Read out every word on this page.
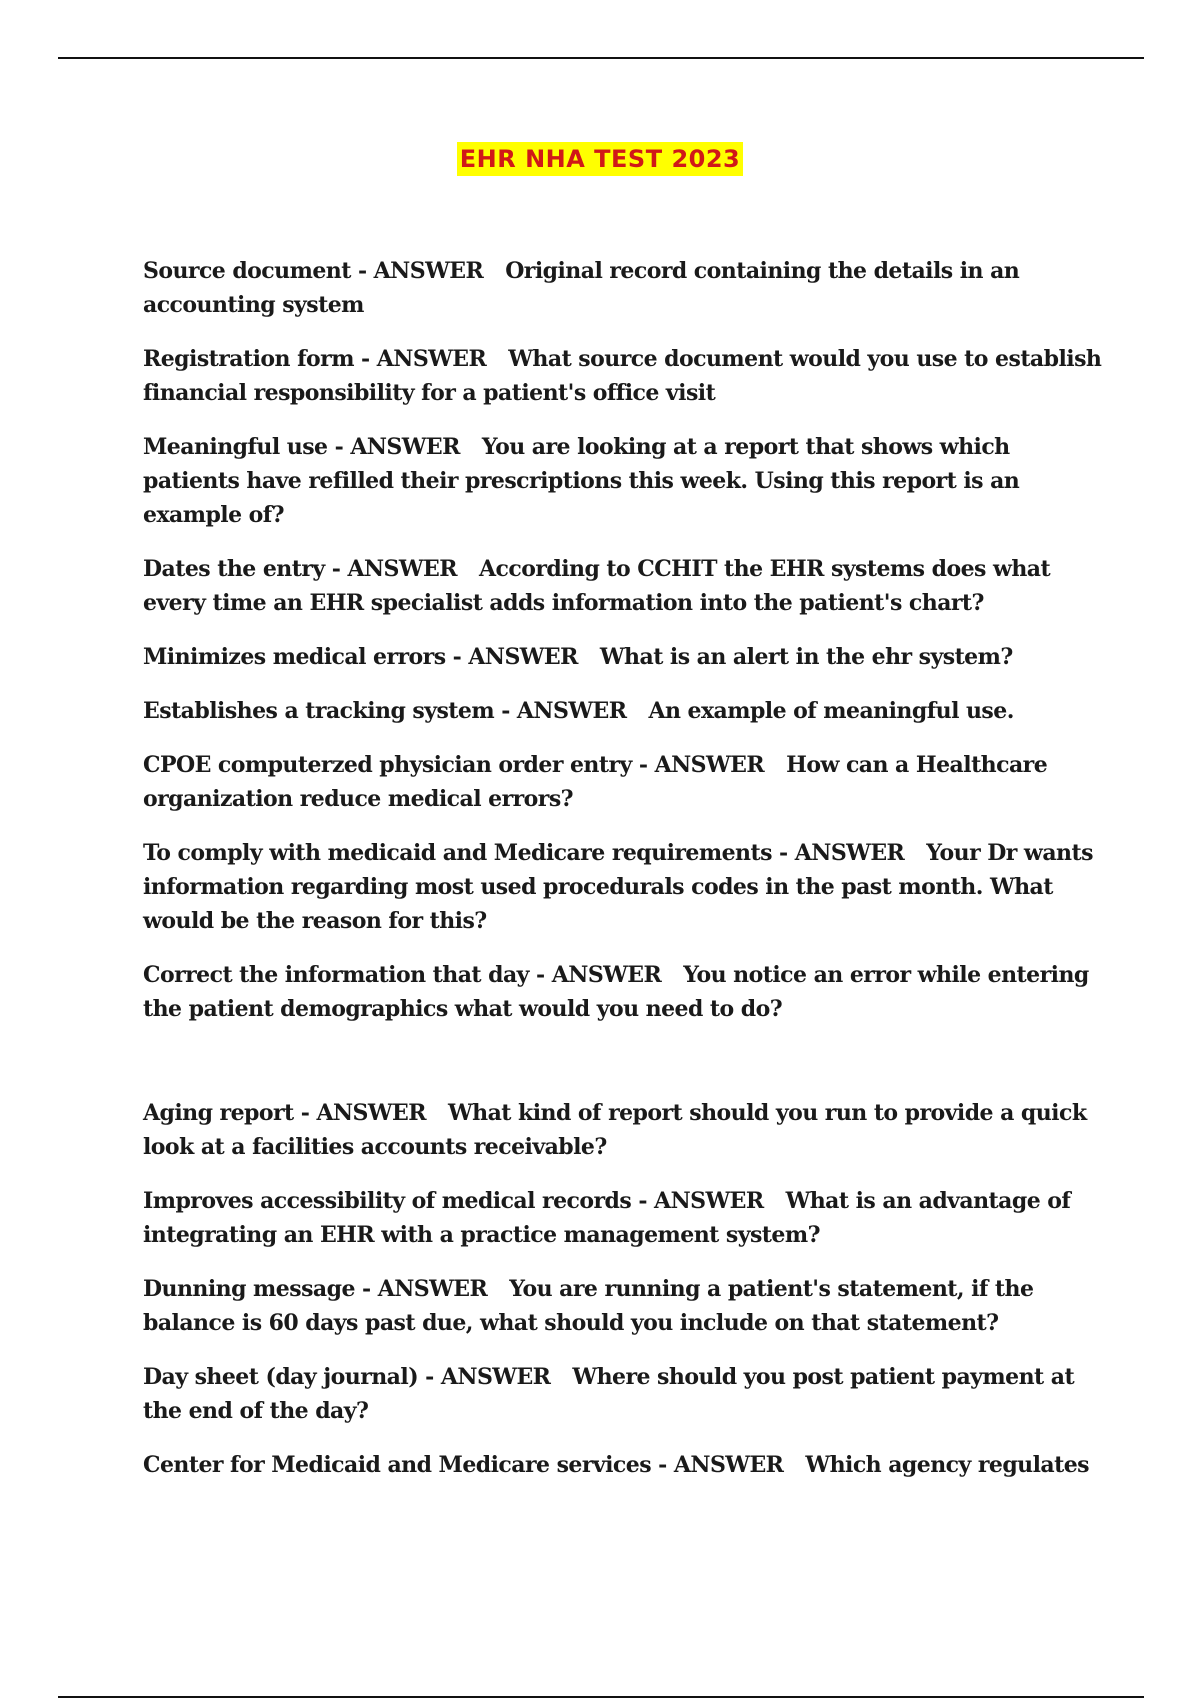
EHR NHA TEST 2023

Source document - ANSWER Original record containing the details in an accounting system

Registration form - ANSWER What source document would you use to establish financial responsibility for a patient's office visit

Meaningful use - ANSWER You are looking at a report that shows which patients have refilled their prescriptions this week. Using this report is an example of?

Dates the entry - ANSWER According to CCHIT the EHR systems does what every time an EHR specialist adds information into the patient's chart?

Minimizes medical errors - ANSWER What is an alert in the ehr system?

Establishes a tracking system - ANSWER An example of meaningful use.

CPOE computerzed physician order entry - ANSWER How can a Healthcare organization reduce medical errors?

To comply with medicaid and Medicare requirements - ANSWER Your Dr wants information regarding most used procedurals codes in the past month. What would be the reason for this?

Correct the information that day - ANSWER You notice an error while entering the patient demographics what would you need to do?

Aging report - ANSWER What kind of report should you run to provide a quick look at a facilities accounts receivable?

Improves accessibility of medical records - ANSWER What is an advantage of integrating an EHR with a practice management system?

Dunning message - ANSWER You are running a patient's statement, if the balance is 60 days past due, what should you include on that statement?

Day sheet (day journal) - ANSWER Where should you post patient payment at the end of the day?

Center for Medicaid and Medicare services - ANSWER Which agency regulates
